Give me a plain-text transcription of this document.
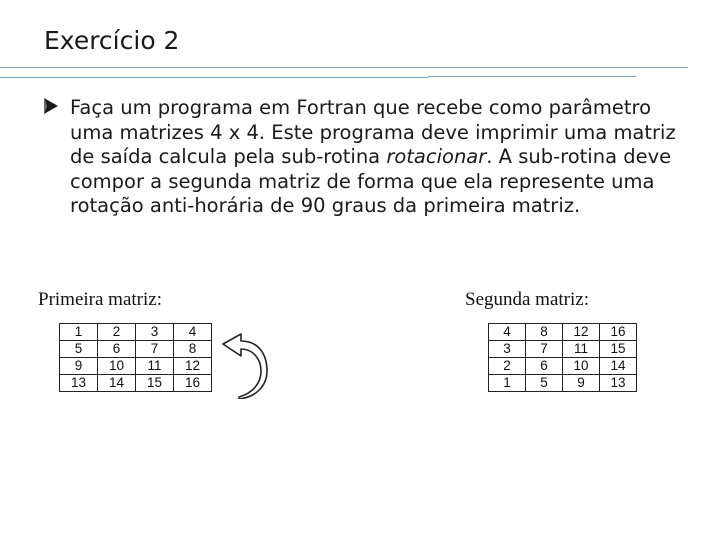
Exercício 2
Faça um programa em Fortran que recebe como parâmetro uma matrizes 4 x 4. Este programa deve imprimir uma matriz de saída calcula pela sub-rotina rotacionar. A sub-rotina deve compor a segunda matriz de forma que ela represente uma rotação anti-horária de 90 graus da primeira matriz.
Primeira matriz:
1	2	3	4
5	6	7	8
9	10	11	12
13	14	15	16
Segunda matriz:
4	8	12	16
3	7	11	15
2	6	10	14
1	5	9	13
